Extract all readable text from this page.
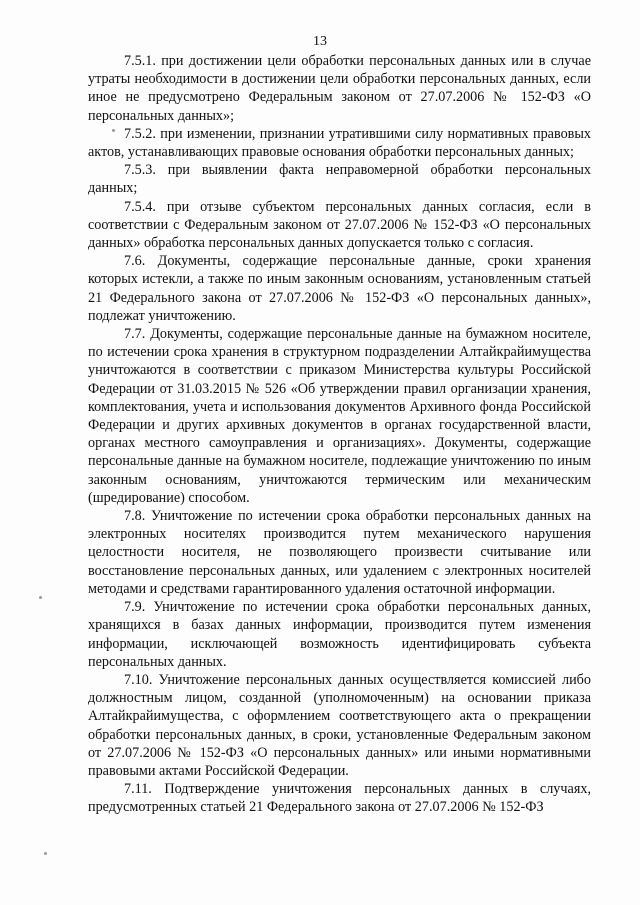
13

7.5.1. при достижении цели обработки персональных данных или в случае утраты необходимости в достижении цели обработки персональных данных, если иное не предусмотрено Федеральным законом от 27.07.2006 № 152-ФЗ «О персональных данных»;

7.5.2. при изменении, признании утратившими силу нормативных правовых актов, устанавливающих правовые основания обработки персональных данных;

7.5.3. при выявлении факта неправомерной обработки персональных данных;

7.5.4. при отзыве субъектом персональных данных согласия, если в соответствии с Федеральным законом от 27.07.2006 № 152-ФЗ «О персональных данных» обработка персональных данных допускается только с согласия.

7.6. Документы, содержащие персональные данные, сроки хранения которых истекли, а также по иным законным основаниям, установленным статьей 21 Федерального закона от 27.07.2006 № 152-ФЗ «О персональных данных», подлежат уничтожению.

7.7. Документы, содержащие персональные данные на бумажном носителе, по истечении срока хранения в структурном подразделении Алтайкрайимущества уничтожаются в соответствии с приказом Министерства культуры Российской Федерации от 31.03.2015 № 526 «Об утверждении правил организации хранения, комплектования, учета и использования документов Архивного фонда Российской Федерации и других архивных документов в органах государственной власти, органах местного самоуправления и организациях». Документы, содержащие персональные данные на бумажном носителе, подлежащие уничтожению по иным законным основаниям, уничтожаются термическим или механическим (шредирование) способом.

7.8. Уничтожение по истечении срока обработки персональных данных на электронных носителях производится путем механического нарушения целостности носителя, не позволяющего произвести считывание или восстановление персональных данных, или удалением с электронных носителей методами и средствами гарантированного удаления остаточной информации.

7.9. Уничтожение по истечении срока обработки персональных данных, хранящихся в базах данных информации, производится путем изменения информации, исключающей возможность идентифицировать субъекта персональных данных.

7.10. Уничтожение персональных данных осуществляется комиссией либо должностным лицом, созданной (уполномоченным) на основании приказа Алтайкрайимущества, с оформлением соответствующего акта о прекращении обработки персональных данных, в сроки, установленные Федеральным законом от 27.07.2006 № 152-ФЗ «О персональных данных» или иными нормативными правовыми актами Российской Федерации.

7.11. Подтверждение уничтожения персональных данных в случаях, предусмотренных статьей 21 Федерального закона от 27.07.2006 № 152-ФЗ
